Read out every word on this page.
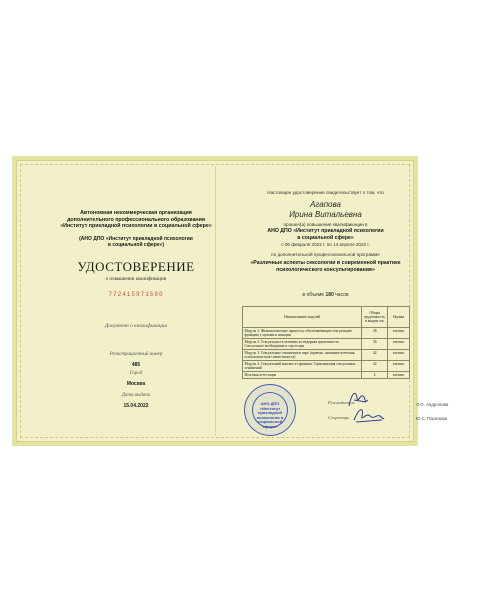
Автономная некоммерческая организация
дополнительного профессионального образования
«Институт прикладной психологии в социальной сфере»
(АНО ДПО «Институт прикладной психологии
в социальной сфере»)
УДОСТОВЕРЕНИЕ
о повышении квалификации
772415971580
Документ о квалификации
Регистрационный номер
485
Город
Москва
Дата выдачи
15.04.2022
Настоящее удостоверение свидетельствует о том, что
Агапова
Ирина Витальевна
прошел(а) повышение квалификации в
АНО ДПО «Институт прикладной психологии
в социальной сфере»
с 06 февраля 2022 г. по 14 апреля 2022 г.
по дополнительной профессиональной программе
«Различные аспекты сексологии в современной практике
психологического консультирования»
в объеме 180 часов
Наименование модулей	Общая трудоемкость, в академ.час	Оценка
Модуль 1. Физиологические процессы, обеспечивающие сексуальную функцию у мужчин и женщин	38	зачтено
Модуль 2. Сексуальность человека и гендерная идентичность. Сексуальное возбуждение и стрессоры	36	зачтено
Модуль 3. Сексуальные отношения в паре (приемы, снижение влечения, психологическая совместимость)	42	зачтено
Модуль 4. Сексуальный контакт и гармония. Гармонизация сексуальных отношений	42	зачтено
Итоговая аттестация	2	зачтено
АНО ДПО
«Институт
прикладной
психологии в
социальной
сфере»
Руководитель	Л.О. Андропова
Секретарь	Ю.С. Пасенова
